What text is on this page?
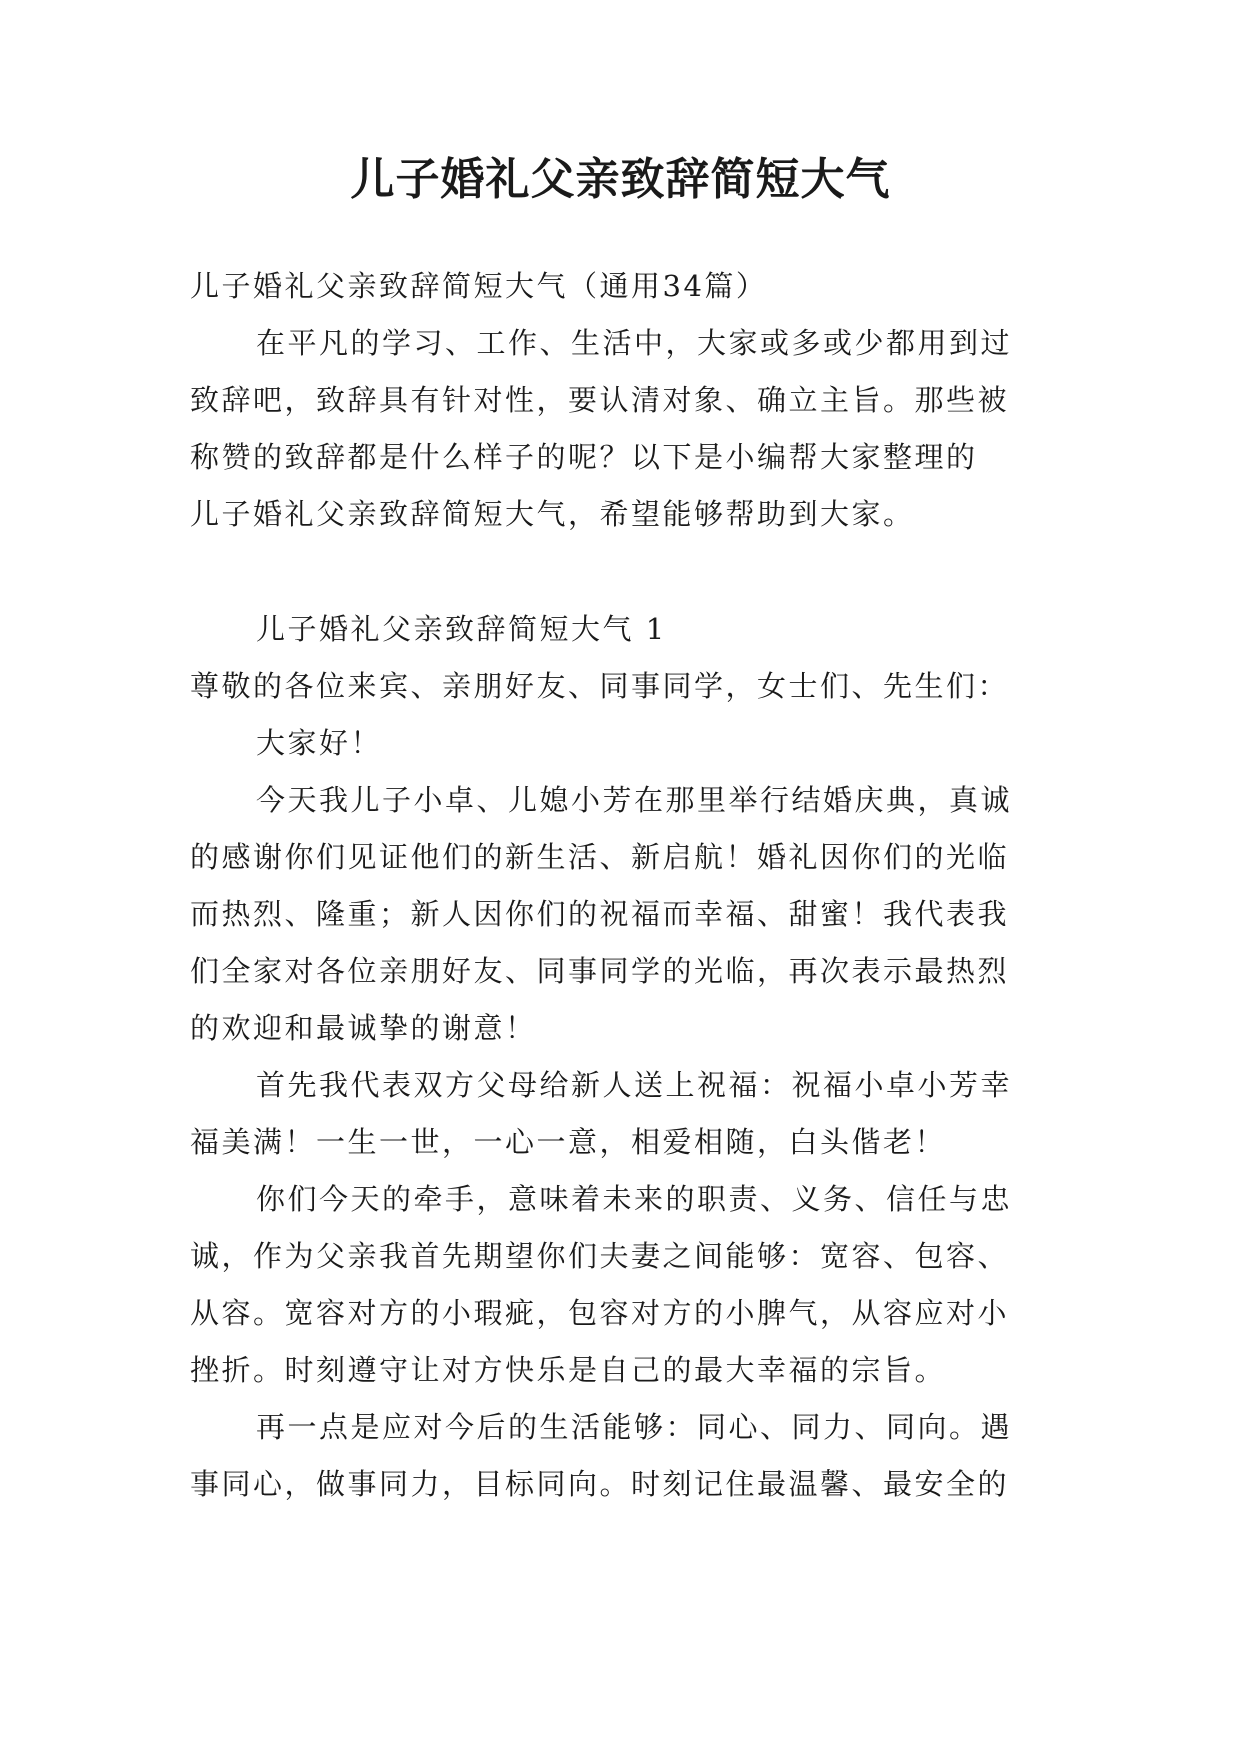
儿子婚礼父亲致辞简短大气
儿子婚礼父亲致辞简短大气（通用34篇）
在平凡的学习、工作、生活中，大家或多或少都用到过
致辞吧，致辞具有针对性，要认清对象、确立主旨。那些被
称赞的致辞都是什么样子的呢？以下是小编帮大家整理的
儿子婚礼父亲致辞简短大气，希望能够帮助到大家。
儿子婚礼父亲致辞简短大气 1
尊敬的各位来宾、亲朋好友、同事同学，女士们、先生们：
大家好！
今天我儿子小卓、儿媳小芳在那里举行结婚庆典，真诚
的感谢你们见证他们的新生活、新启航！婚礼因你们的光临
而热烈、隆重；新人因你们的祝福而幸福、甜蜜！我代表我
们全家对各位亲朋好友、同事同学的光临，再次表示最热烈
的欢迎和最诚挚的谢意！
首先我代表双方父母给新人送上祝福：祝福小卓小芳幸
福美满！一生一世，一心一意，相爱相随，白头偕老！
你们今天的牵手，意味着未来的职责、义务、信任与忠
诚，作为父亲我首先期望你们夫妻之间能够：宽容、包容、
从容。宽容对方的小瑕疵，包容对方的小脾气，从容应对小
挫折。时刻遵守让对方快乐是自己的最大幸福的宗旨。
再一点是应对今后的生活能够：同心、同力、同向。遇
事同心，做事同力，目标同向。时刻记住最温馨、最安全的
